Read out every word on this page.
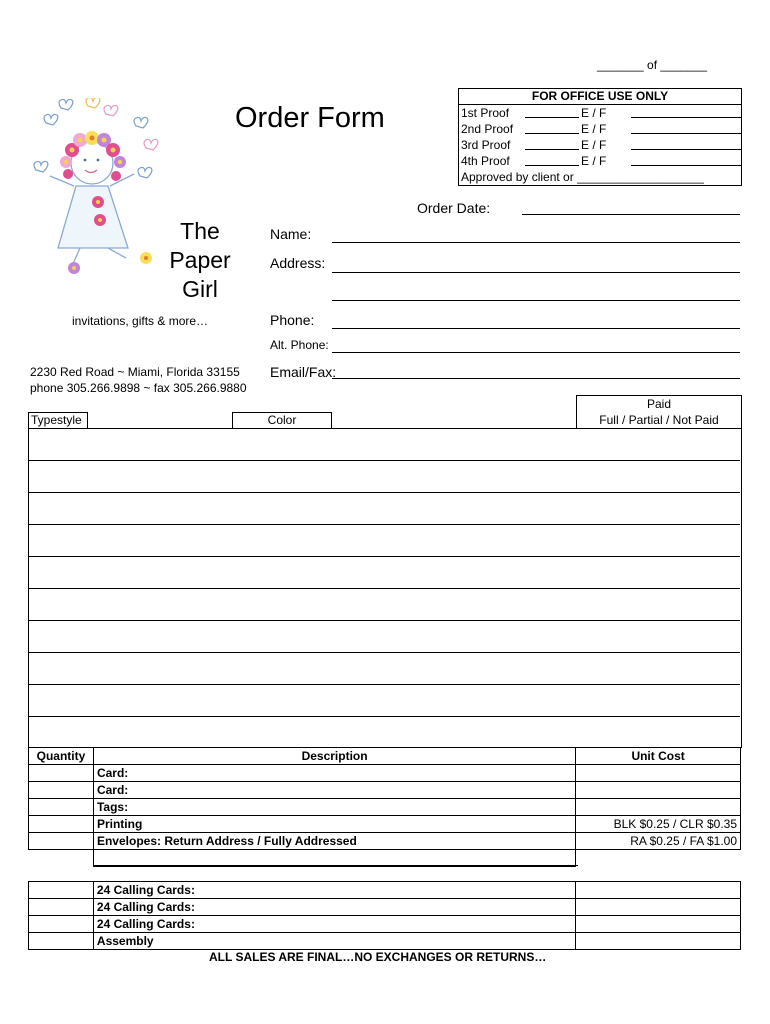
_______ of _______
Order Form
FOR OFFICE USE ONLY
1st Proof	E / F
2nd Proof	E / F
3rd Proof	E / F
4th Proof	E / F
Approved by client or ___________________
The
Paper
Girl
invitations, gifts & more…
2230 Red Road ~ Miami, Florida 33155
phone 305.266.9898 ~ fax 305.266.9880
Order Date:
Name:
Address:
Phone:
Alt. Phone:
Email/Fax:
Typestyle	Color
Paid
Full / Partial / Not Paid
Quantity	Description	Unit Cost
	Card:	
	Card:	
	Tags:	
	Printing	BLK $0.25 / CLR $0.35
	Envelopes: Return Address / Fully Addressed	RA $0.25 / FA $1.00

	24 Calling Cards:	
	24 Calling Cards:	
	24 Calling Cards:	
	Assembly	
ALL SALES ARE FINAL…NO EXCHANGES OR RETURNS…
